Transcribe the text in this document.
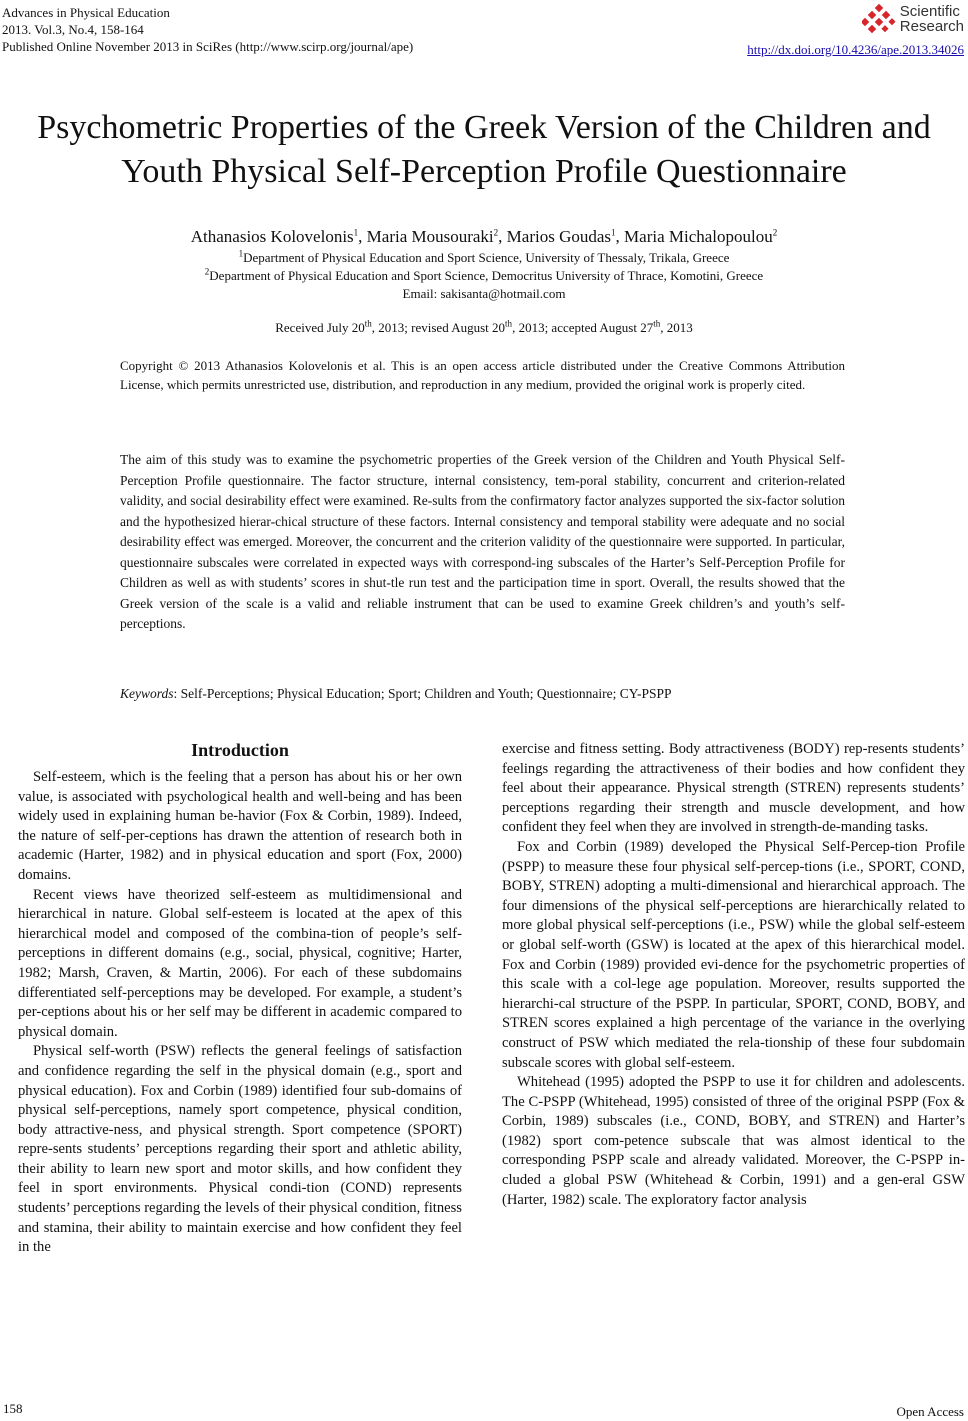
Advances in Physical Education
2013. Vol.3, No.4, 158-164
Published Online November 2013 in SciRes (http://www.scirp.org/journal/ape)
Scientific
Research
http://dx.doi.org/10.4236/ape.2013.34026
Psychometric Properties of the Greek Version of the Children and
Youth Physical Self-Perception Profile Questionnaire
Athanasios Kolovelonis$^1$, Maria Mousouraki$^2$, Marios Goudas$^1$, Maria Michalopoulou$^2$
$^1$Department of Physical Education and Sport Science, University of Thessaly, Trikala, Greece
$^2$Department of Physical Education and Sport Science, Democritus University of Thrace, Komotini, Greece
Email: sakisanta@hotmail.com
Received July 20th, 2013; revised August 20th, 2013; accepted August 27th, 2013
Copyright © 2013 Athanasios Kolovelonis et al. This is an open access article distributed under the Creative Commons Attribution License, which permits unrestricted use, distribution, and reproduction in any medium, provided the original work is properly cited.
The aim of this study was to examine the psychometric properties of the Greek version of the Children and Youth Physical Self-Perception Profile questionnaire. The factor structure, internal consistency, tem-poral stability, concurrent and criterion-related validity, and social desirability effect were examined. Re-sults from the confirmatory factor analyzes supported the six-factor solution and the hypothesized hierar-chical structure of these factors. Internal consistency and temporal stability were adequate and no social desirability effect was emerged. Moreover, the concurrent and the criterion validity of the questionnaire were supported. In particular, questionnaire subscales were correlated in expected ways with correspond-ing subscales of the Harter’s Self-Perception Profile for Children as well as with students’ scores in shut-tle run test and the participation time in sport. Overall, the results showed that the Greek version of the scale is a valid and reliable instrument that can be used to examine Greek children’s and youth’s self-perceptions.
Keywords: Self-Perceptions; Physical Education; Sport; Children and Youth; Questionnaire; CY-PSPP
Introduction

Self-esteem, which is the feeling that a person has about his or her own value, is associated with psychological health and well-being and has been widely used in explaining human be-havior (Fox & Corbin, 1989). Indeed, the nature of self-per-ceptions has drawn the attention of research both in academic (Harter, 1982) and in physical education and sport (Fox, 2000) domains.

Recent views have theorized self-esteem as multidimensional and hierarchical in nature. Global self-esteem is located at the apex of this hierarchical model and composed of the combina-tion of people’s self-perceptions in different domains (e.g., social, physical, cognitive; Harter, 1982; Marsh, Craven, & Martin, 2006). For each of these subdomains differentiated self-perceptions may be developed. For example, a student’s per-ceptions about his or her self may be different in academic compared to physical domain.

Physical self-worth (PSW) reflects the general feelings of satisfaction and confidence regarding the self in the physical domain (e.g., sport and physical education). Fox and Corbin (1989) identified four sub-domains of physical self-perceptions, namely sport competence, physical condition, body attractive-ness, and physical strength. Sport competence (SPORT) repre-sents students’ perceptions regarding their sport and athletic ability, their ability to learn new sport and motor skills, and how confident they feel in sport environments. Physical condi-tion (COND) represents students’ perceptions regarding the levels of their physical condition, fitness and stamina, their ability to maintain exercise and how confident they feel in the

exercise and fitness setting. Body attractiveness (BODY) rep-resents students’ feelings regarding the attractiveness of their bodies and how confident they feel about their appearance. Physical strength (STREN) represents students’ perceptions regarding their strength and muscle development, and how confident they feel when they are involved in strength-de-manding tasks.

Fox and Corbin (1989) developed the Physical Self-Percep-tion Profile (PSPP) to measure these four physical self-percep-tions (i.e., SPORT, COND, BOBY, STREN) adopting a multi-dimensional and hierarchical approach. The four dimensions of the physical self-perceptions are hierarchically related to more global physical self-perceptions (i.e., PSW) while the global self-esteem or global self-worth (GSW) is located at the apex of this hierarchical model. Fox and Corbin (1989) provided evi-dence for the psychometric properties of this scale with a col-lege age population. Moreover, results supported the hierarchi-cal structure of the PSPP. In particular, SPORT, COND, BOBY, and STREN scores explained a high percentage of the variance in the overlying construct of PSW which mediated the rela-tionship of these four subdomain subscale scores with global self-esteem.

Whitehead (1995) adopted the PSPP to use it for children and adolescents. The C-PSPP (Whitehead, 1995) consisted of three of the original PSPP (Fox & Corbin, 1989) subscales (i.e., COND, BOBY, and STREN) and Harter’s (1982) sport com-petence subscale that was almost identical to the corresponding PSPP scale and already validated. Moreover, the C-PSPP in-cluded a global PSW (Whitehead & Corbin, 1991) and a gen-eral GSW (Harter, 1982) scale. The exploratory factor analysis

158	Open Access
